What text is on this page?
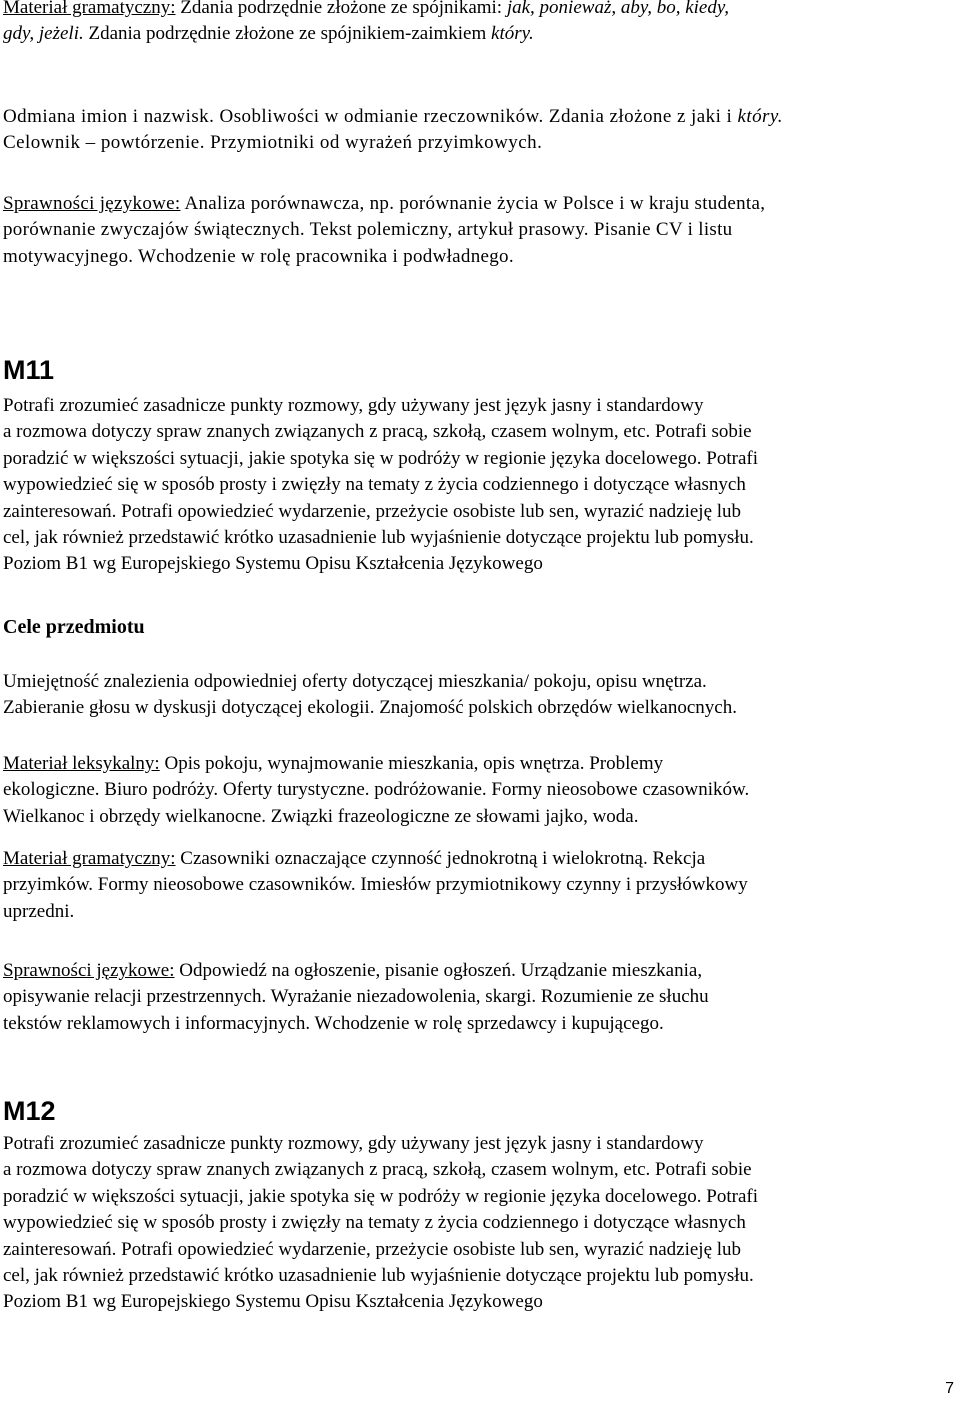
Materiał gramatyczny: Zdania podrzędnie złożone ze spójnikami: jak, ponieważ, aby, bo, kiedy,
gdy, jeżeli. Zdania podrzędnie złożone ze spójnikiem-zaimkiem który.
Odmiana imion i nazwisk. Osobliwości w odmianie rzeczowników. Zdania złożone z jaki i który.
Celownik – powtórzenie. Przymiotniki od wyrażeń przyimkowych.
Sprawności językowe: Analiza porównawcza, np. porównanie życia w Polsce i w kraju studenta,
porównanie zwyczajów świątecznych. Tekst polemiczny, artykuł prasowy. Pisanie CV i listu
motywacyjnego. Wchodzenie w rolę pracownika i podwładnego.
M11
Potrafi zrozumieć zasadnicze punkty rozmowy, gdy używany jest język jasny i standardowy
a rozmowa dotyczy spraw znanych związanych z pracą, szkołą, czasem wolnym, etc. Potrafi sobie
poradzić w większości sytuacji, jakie spotyka się w podróży w regionie języka docelowego. Potrafi
wypowiedzieć się w sposób prosty i zwięzły na tematy z życia codziennego i dotyczące własnych
zainteresowań. Potrafi opowiedzieć wydarzenie, przeżycie osobiste lub sen, wyrazić nadzieję lub
cel, jak również przedstawić krótko uzasadnienie lub wyjaśnienie dotyczące projektu lub pomysłu.
Poziom B1 wg Europejskiego Systemu Opisu Kształcenia Językowego
Cele przedmiotu
Umiejętność znalezienia odpowiedniej oferty dotyczącej mieszkania/ pokoju, opisu wnętrza.
Zabieranie głosu w dyskusji dotyczącej ekologii. Znajomość polskich obrzędów wielkanocnych.
Materiał leksykalny: Opis pokoju, wynajmowanie mieszkania, opis wnętrza. Problemy
ekologiczne. Biuro podróży. Oferty turystyczne. podróżowanie. Formy nieosobowe czasowników.
Wielkanoc i obrzędy wielkanocne. Związki frazeologiczne ze słowami jajko, woda.
Materiał gramatyczny: Czasowniki oznaczające czynność jednokrotną i wielokrotną. Rekcja
przyimków. Formy nieosobowe czasowników. Imiesłów przymiotnikowy czynny i przysłówkowy
uprzedni.
Sprawności językowe: Odpowiedź na ogłoszenie, pisanie ogłoszeń. Urządzanie mieszkania,
opisywanie relacji przestrzennych. Wyrażanie niezadowolenia, skargi. Rozumienie ze słuchu
tekstów reklamowych i informacyjnych. Wchodzenie w rolę sprzedawcy i kupującego.
M12
Potrafi zrozumieć zasadnicze punkty rozmowy, gdy używany jest język jasny i standardowy
a rozmowa dotyczy spraw znanych związanych z pracą, szkołą, czasem wolnym, etc. Potrafi sobie
poradzić w większości sytuacji, jakie spotyka się w podróży w regionie języka docelowego. Potrafi
wypowiedzieć się w sposób prosty i zwięzły na tematy z życia codziennego i dotyczące własnych
zainteresowań. Potrafi opowiedzieć wydarzenie, przeżycie osobiste lub sen, wyrazić nadzieję lub
cel, jak również przedstawić krótko uzasadnienie lub wyjaśnienie dotyczące projektu lub pomysłu.
Poziom B1 wg Europejskiego Systemu Opisu Kształcenia Językowego
7
